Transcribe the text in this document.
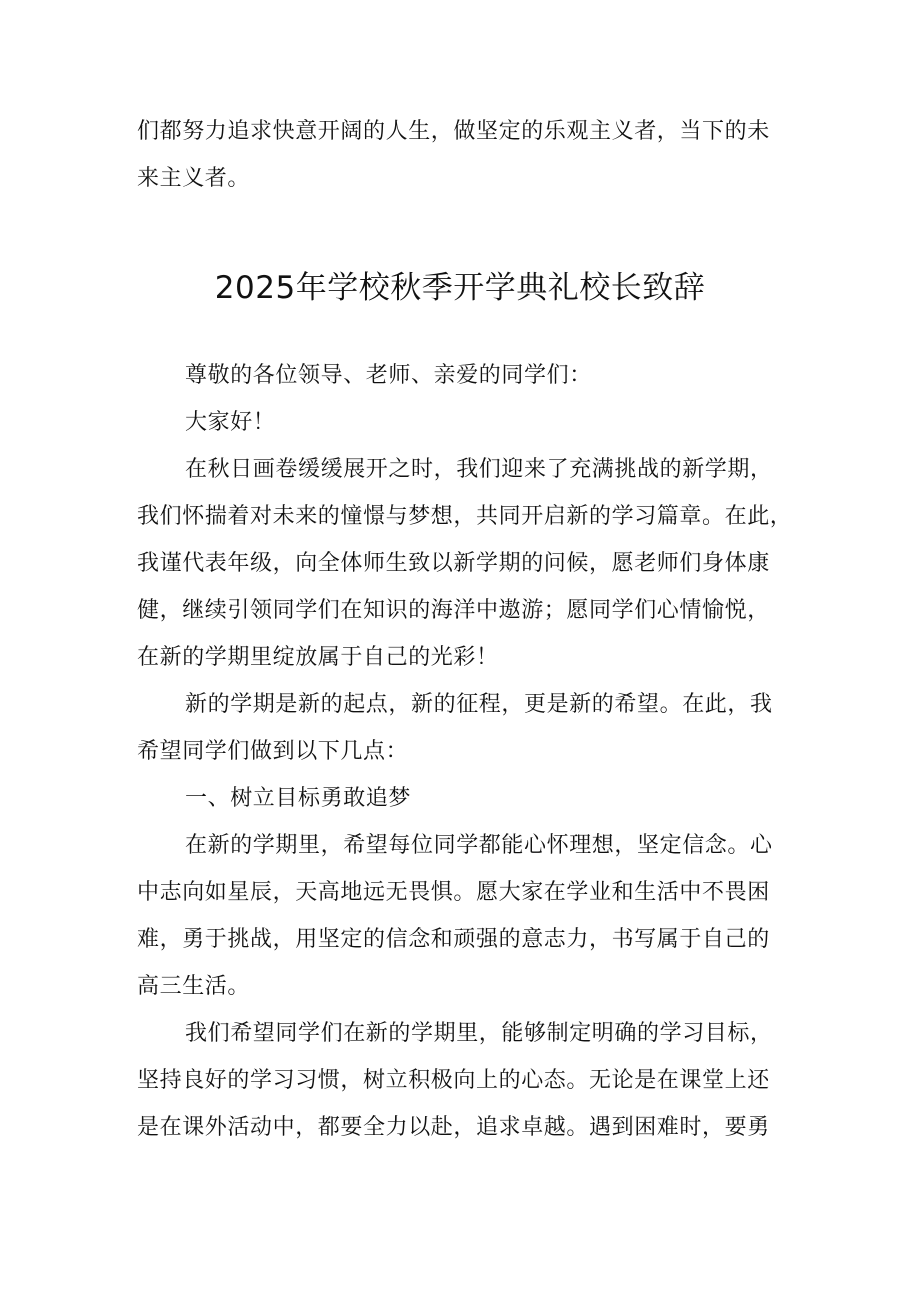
们都努力追求快意开阔的人生，做坚定的乐观主义者，当下的未

来主义者。

2025年学校秋季开学典礼校长致辞

尊敬的各位领导、老师、亲爱的同学们：

大家好！

在秋日画卷缓缓展开之时，我们迎来了充满挑战的新学期，

我们怀揣着对未来的憧憬与梦想，共同开启新的学习篇章。在此，

我谨代表年级，向全体师生致以新学期的问候，愿老师们身体康

健，继续引领同学们在知识的海洋中遨游；愿同学们心情愉悦，

在新的学期里绽放属于自己的光彩！

新的学期是新的起点，新的征程，更是新的希望。在此，我

希望同学们做到以下几点：

一、树立目标勇敢追梦

在新的学期里，希望每位同学都能心怀理想，坚定信念。心

中志向如星辰，天高地远无畏惧。愿大家在学业和生活中不畏困

难，勇于挑战，用坚定的信念和顽强的意志力，书写属于自己的

高三生活。

我们希望同学们在新的学期里，能够制定明确的学习目标，

坚持良好的学习习惯，树立积极向上的心态。无论是在课堂上还

是在课外活动中，都要全力以赴，追求卓越。遇到困难时，要勇
